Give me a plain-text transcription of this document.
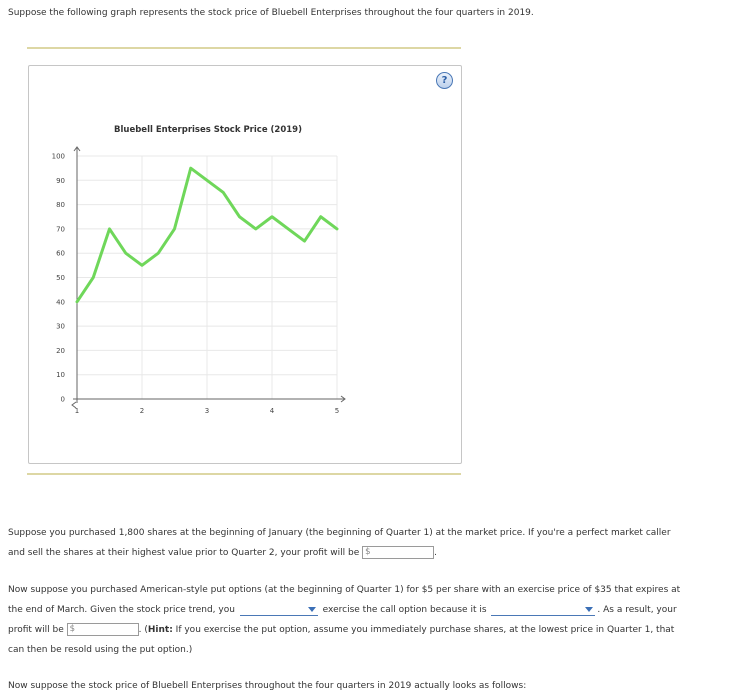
Suppose the following graph represents the stock price of Bluebell Enterprises throughout the four quarters in 2019.
?
Bluebell Enterprises Stock Price (2019)
100
90
80
70
60
50
40
30
20
10
0
1	2	3	4	5
Suppose you purchased 1,800 shares at the beginning of January (the beginning of Quarter 1) at the market price. If you're a perfect market caller
and sell the shares at their highest value prior to Quarter 2, your profit will be $	.
Now suppose you purchased American-style put options (at the beginning of Quarter 1) for $5 per share with an exercise price of $35 that expires at
the end of March. Given the stock price trend, you	exercise the call option because it is	. As a result, your
profit will be $	. (Hint: If you exercise the put option, assume you immediately purchase shares, at the lowest price in Quarter 1, that
can then be resold using the put option.)
Now suppose the stock price of Bluebell Enterprises throughout the four quarters in 2019 actually looks as follows:
